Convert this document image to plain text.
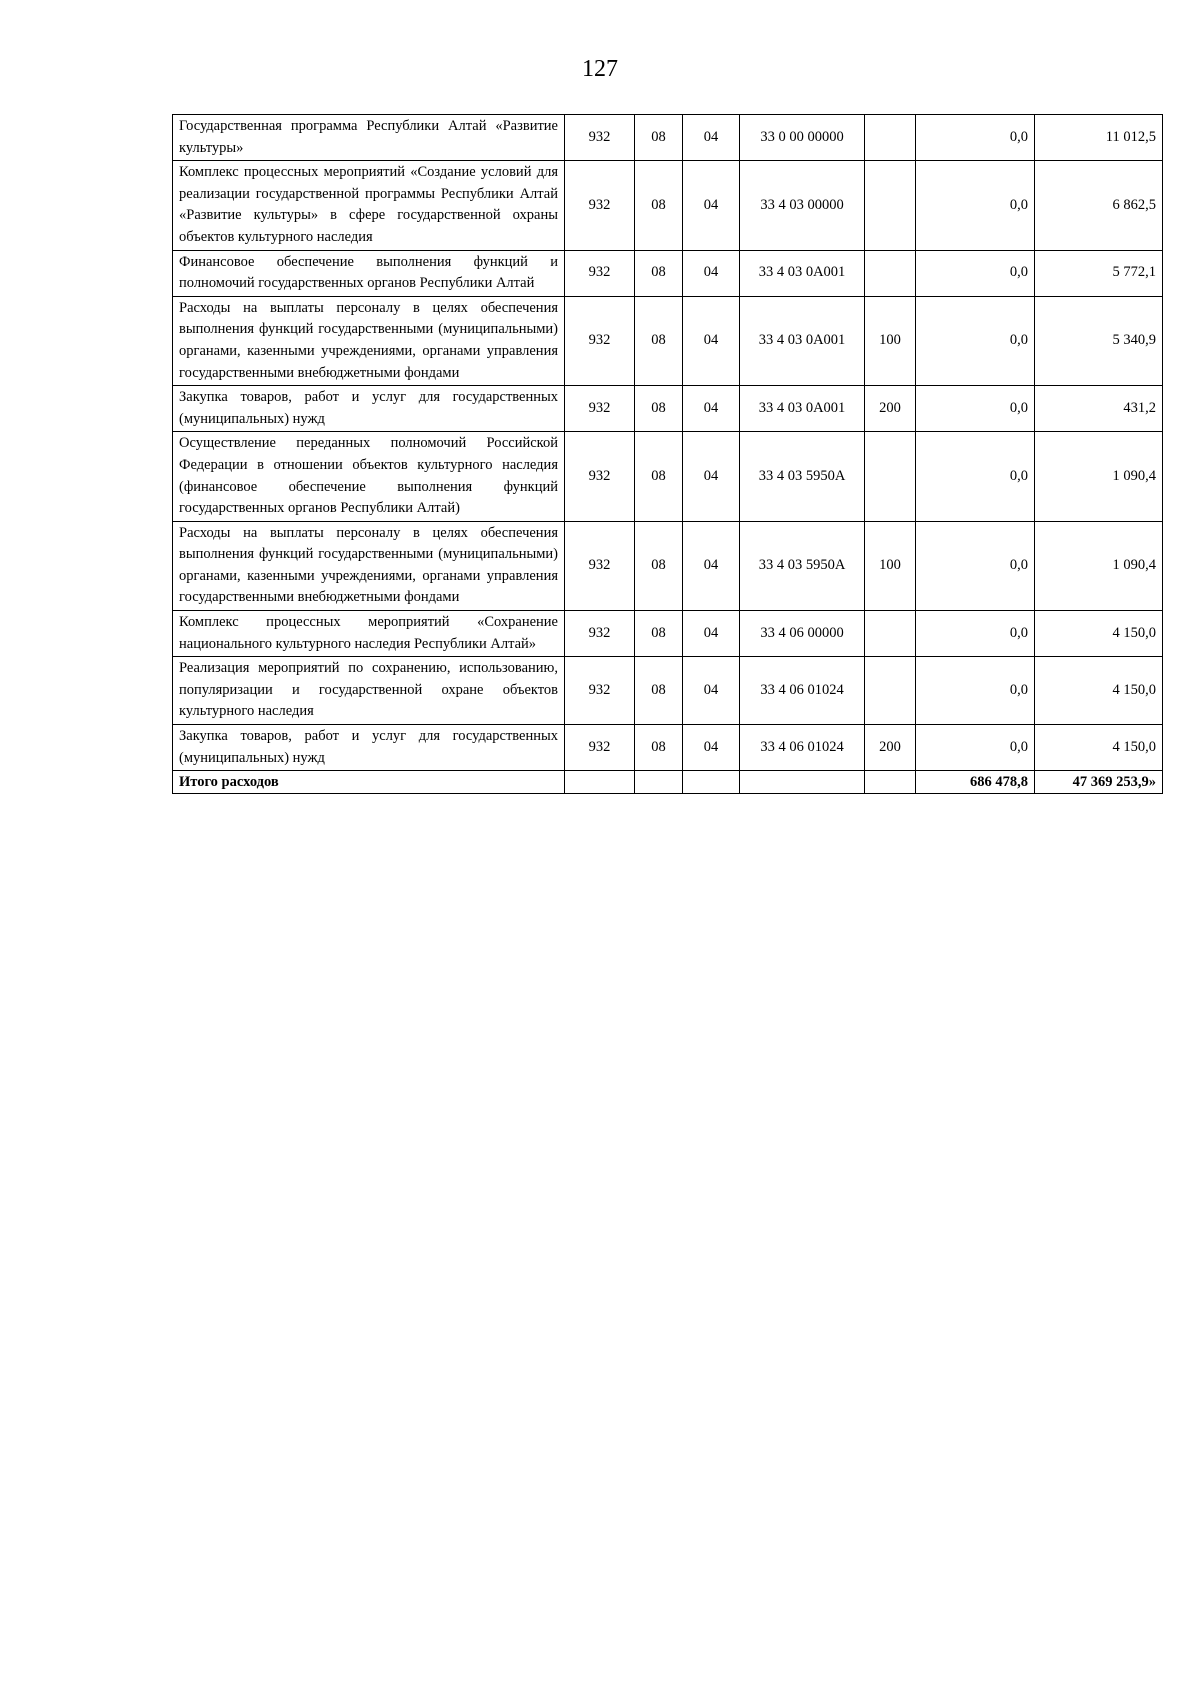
127
Государственная программа Республики Алтай «Развитие культуры»	932	08	04	33 0 00 00000		0,0	11 012,5
Комплекс процессных мероприятий «Создание условий для реализации государственной программы Республики Алтай «Развитие культуры» в сфере государственной охраны объектов культурного наследия	932	08	04	33 4 03 00000		0,0	6 862,5
Финансовое обеспечение выполнения функций и полномочий государственных органов Республики Алтай	932	08	04	33 4 03 0А001		0,0	5 772,1
Расходы на выплаты персоналу в целях обеспечения выполнения функций государственными (муниципальными) органами, казенными учреждениями, органами управления государственными внебюджетными фондами	932	08	04	33 4 03 0А001	100	0,0	5 340,9
Закупка товаров, работ и услуг для государственных (муниципальных) нужд	932	08	04	33 4 03 0А001	200	0,0	431,2
Осуществление переданных полномочий Российской Федерации в отношении объектов культурного наследия (финансовое обеспечение выполнения функций государственных органов Республики Алтай)	932	08	04	33 4 03 5950А		0,0	1 090,4
Расходы на выплаты персоналу в целях обеспечения выполнения функций государственными (муниципальными) органами, казенными учреждениями, органами управления государственными внебюджетными фондами	932	08	04	33 4 03 5950А	100	0,0	1 090,4
Комплекс процессных мероприятий «Сохранение национального культурного наследия Республики Алтай»	932	08	04	33 4 06 00000		0,0	4 150,0
Реализация мероприятий по сохранению, использованию, популяризации и государственной охране объектов культурного наследия	932	08	04	33 4 06 01024		0,0	4 150,0
Закупка товаров, работ и услуг для государственных (муниципальных) нужд	932	08	04	33 4 06 01024	200	0,0	4 150,0
Итого расходов						686 478,8	47 369 253,9»
